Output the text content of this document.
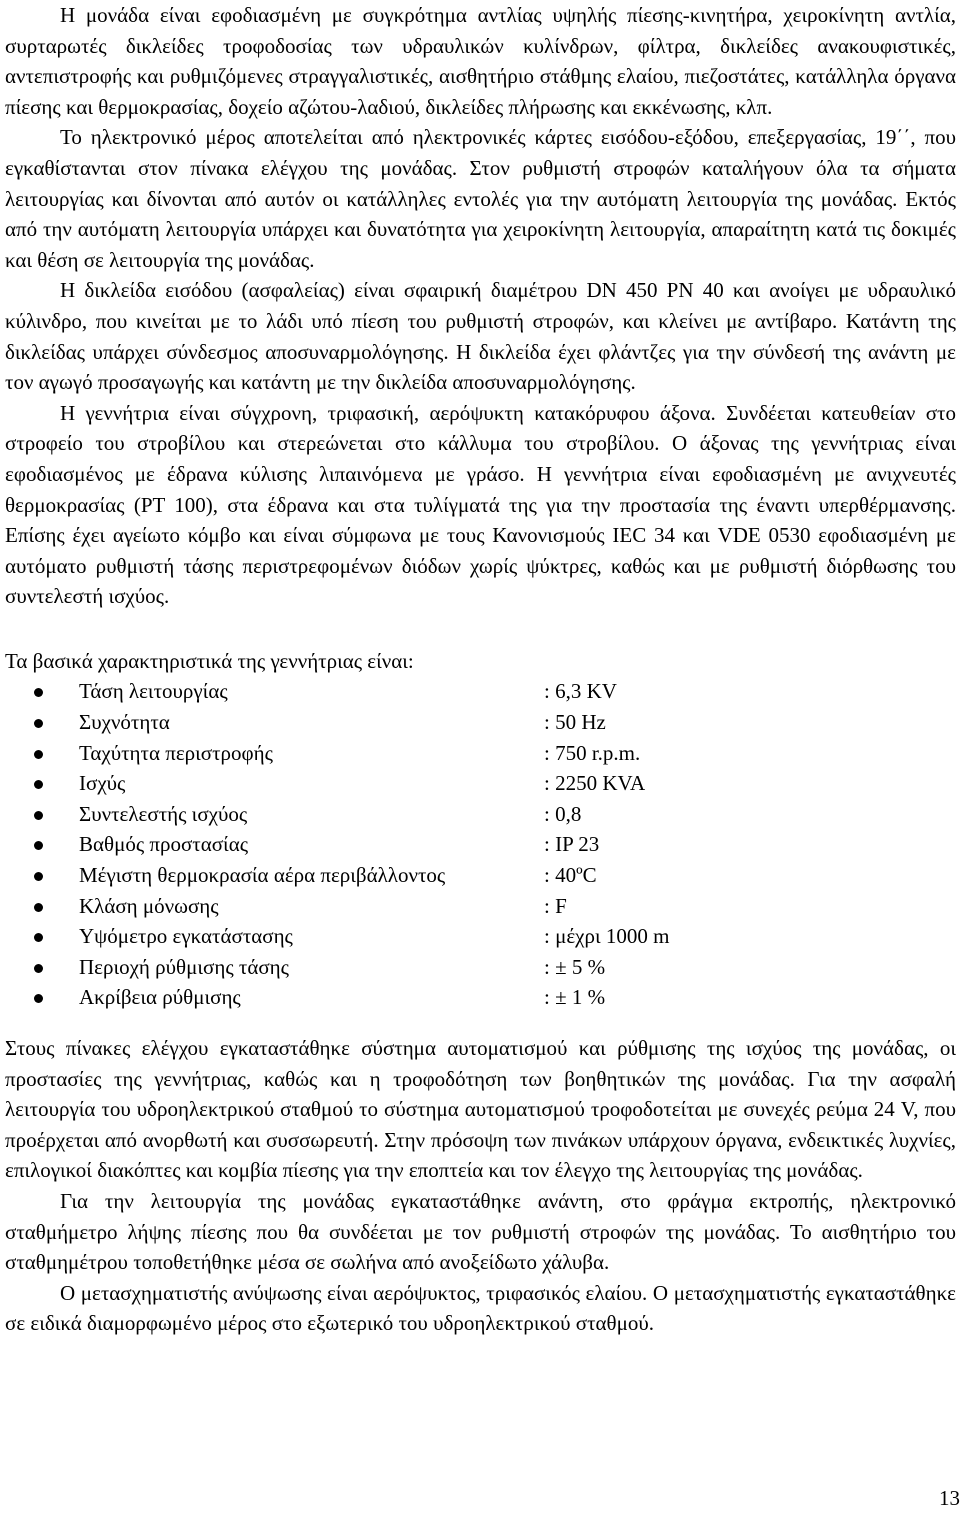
Η μονάδα είναι εφοδιασμένη με συγκρότημα αντλίας υψηλής πίεσης-κινητήρα, χειροκίνητη αντλία, συρταρωτές δικλείδες τροφοδοσίας των υδραυλικών κυλίνδρων, φίλτρα, δικλείδες ανακουφιστικές, αντεπιστροφής και ρυθμιζόμενες στραγγαλιστικές, αισθητήριο στάθμης ελαίου, πιεζοστάτες, κατάλληλα όργανα πίεσης και θερμοκρασίας, δοχείο αζώτου-λαδιού, δικλείδες πλήρωσης και εκκένωσης, κλπ.

Το ηλεκτρονικό μέρος αποτελείται από ηλεκτρονικές κάρτες εισόδου-εξόδου, επεξεργασίας, 19΄΄, που εγκαθίστανται στον πίνακα ελέγχου της μονάδας. Στον ρυθμιστή στροφών καταλήγουν όλα τα σήματα λειτουργίας και δίνονται από αυτόν οι κατάλληλες εντολές για την αυτόματη λειτουργία της μονάδας. Εκτός από την αυτόματη λειτουργία υπάρχει και δυνατότητα για χειροκίνητη λειτουργία, απαραίτητη κατά τις δοκιμές και θέση σε λειτουργία της μονάδας.

Η δικλείδα εισόδου (ασφαλείας) είναι σφαιρική διαμέτρου DN 450 PN 40 και ανοίγει με υδραυλικό κύλινδρο, που κινείται με το λάδι υπό πίεση του ρυθμιστή στροφών, και κλείνει με αντίβαρο. Κατάντη της δικλείδας υπάρχει σύνδεσμος αποσυναρμολόγησης. Η δικλείδα έχει φλάντζες για την σύνδεσή της ανάντη με τον αγωγό προσαγωγής και κατάντη με την δικλείδα αποσυναρμολόγησης.

Η γεννήτρια είναι σύγχρονη, τριφασική, αερόψυκτη κατακόρυφου άξονα. Συνδέεται κατευθείαν στο στροφείο του στροβίλου και στερεώνεται στο κάλλυμα του στροβίλου. Ο άξονας της γεννήτριας είναι εφοδιασμένος με έδρανα κύλισης λιπαινόμενα με γράσο. Η γεννήτρια είναι εφοδιασμένη με ανιχνευτές θερμοκρασίας (PT 100), στα έδρανα και στα τυλίγματά της για την προστασία της έναντι υπερθέρμανσης. Επίσης έχει αγείωτο κόμβο και είναι σύμφωνα με τους Κανονισμούς IEC 34 και VDE 0530 εφοδιασμένη με αυτόματο ρυθμιστή τάσης περιστρεφομένων διόδων χωρίς ψύκτρες, καθώς και με ρυθμιστή διόρθωσης του συντελεστή ισχύος.

Τα βασικά χαρακτηριστικά της γεννήτριας είναι:

Τάση λειτουργίας	: 6,3 KV
Συχνότητα	: 50 Hz
Ταχύτητα περιστροφής	: 750 r.p.m.
Ισχύς	: 2250 KVA
Συντελεστής ισχύος	: 0,8
Βαθμός προστασίας	: IP 23
Μέγιστη θερμοκρασία αέρα περιβάλλοντος	: 40ºC
Κλάση μόνωσης	: F
Υψόμετρο εγκατάστασης	: μέχρι 1000 m
Περιοχή ρύθμισης τάσης	: ± 5 %
Ακρίβεια ρύθμισης	: ± 1 %

Στους πίνακες ελέγχου εγκαταστάθηκε σύστημα αυτοματισμού και ρύθμισης της ισχύος της μονάδας, οι προστασίες της γεννήτριας, καθώς και η τροφοδότηση των βοηθητικών της μονάδας. Για την ασφαλή λειτουργία του υδροηλεκτρικού σταθμού το σύστημα αυτοματισμού τροφοδοτείται με συνεχές ρεύμα 24 V, που προέρχεται από ανορθωτή και συσσωρευτή. Στην πρόσοψη των πινάκων υπάρχουν όργανα, ενδεικτικές λυχνίες, επιλογικοί διακόπτες και κομβία πίεσης για την εποπτεία και τον έλεγχο της λειτουργίας της μονάδας.

Για την λειτουργία της μονάδας εγκαταστάθηκε ανάντη, στο φράγμα εκτροπής, ηλεκτρονικό σταθμήμετρο λήψης πίεσης που θα συνδέεται με τον ρυθμιστή στροφών της μονάδας. Το αισθητήριο του σταθμημέτρου τοποθετήθηκε μέσα σε σωλήνα από ανοξείδωτο χάλυβα.

Ο μετασχηματιστής ανύψωσης είναι αερόψυκτος, τριφασικός ελαίου. Ο μετασχηματιστής εγκαταστάθηκε σε ειδικά διαμορφωμένο μέρος στο εξωτερικό του υδροηλεκτρικού σταθμού.

13
